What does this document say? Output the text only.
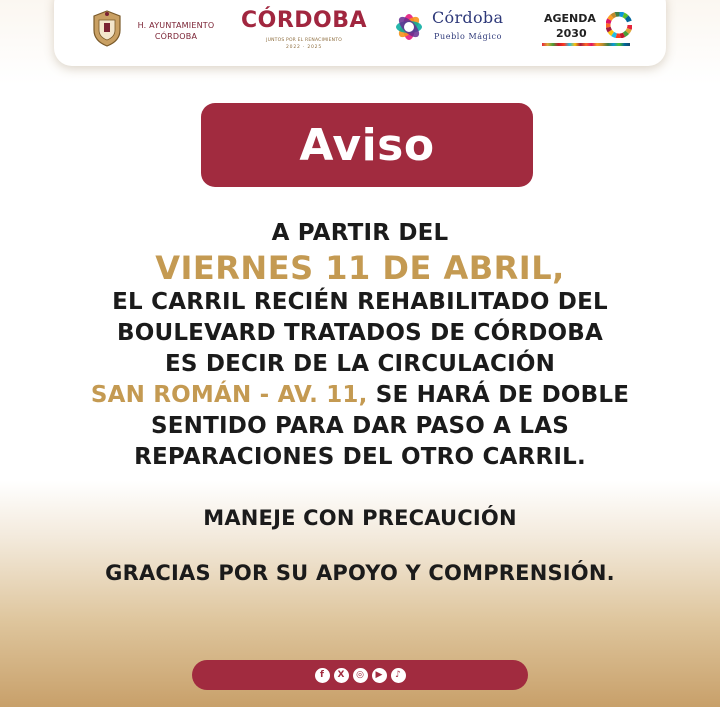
H. AYUNTAMIENTO
CÓRDOBA
CÓRDOBA
JUNTOS POR EL RENACIMIENTO
2022 · 2025
Córdoba
Pueblo Mágico
AGENDA
2030
Aviso
A PARTIR DEL
VIERNES 11 DE ABRIL,
EL CARRIL RECIÉN REHABILITADO DEL
BOULEVARD TRATADOS DE CÓRDOBA
ES DECIR DE LA CIRCULACIÓN
SAN ROMÁN - AV. 11, SE HARÁ DE DOBLE
SENTIDO PARA DAR PASO A LAS
REPARACIONES DEL OTRO CARRIL.
MANEJE CON PRECAUCIÓN
GRACIAS POR SU APOYO Y COMPRENSIÓN.
f	X	◎	▶	♪
